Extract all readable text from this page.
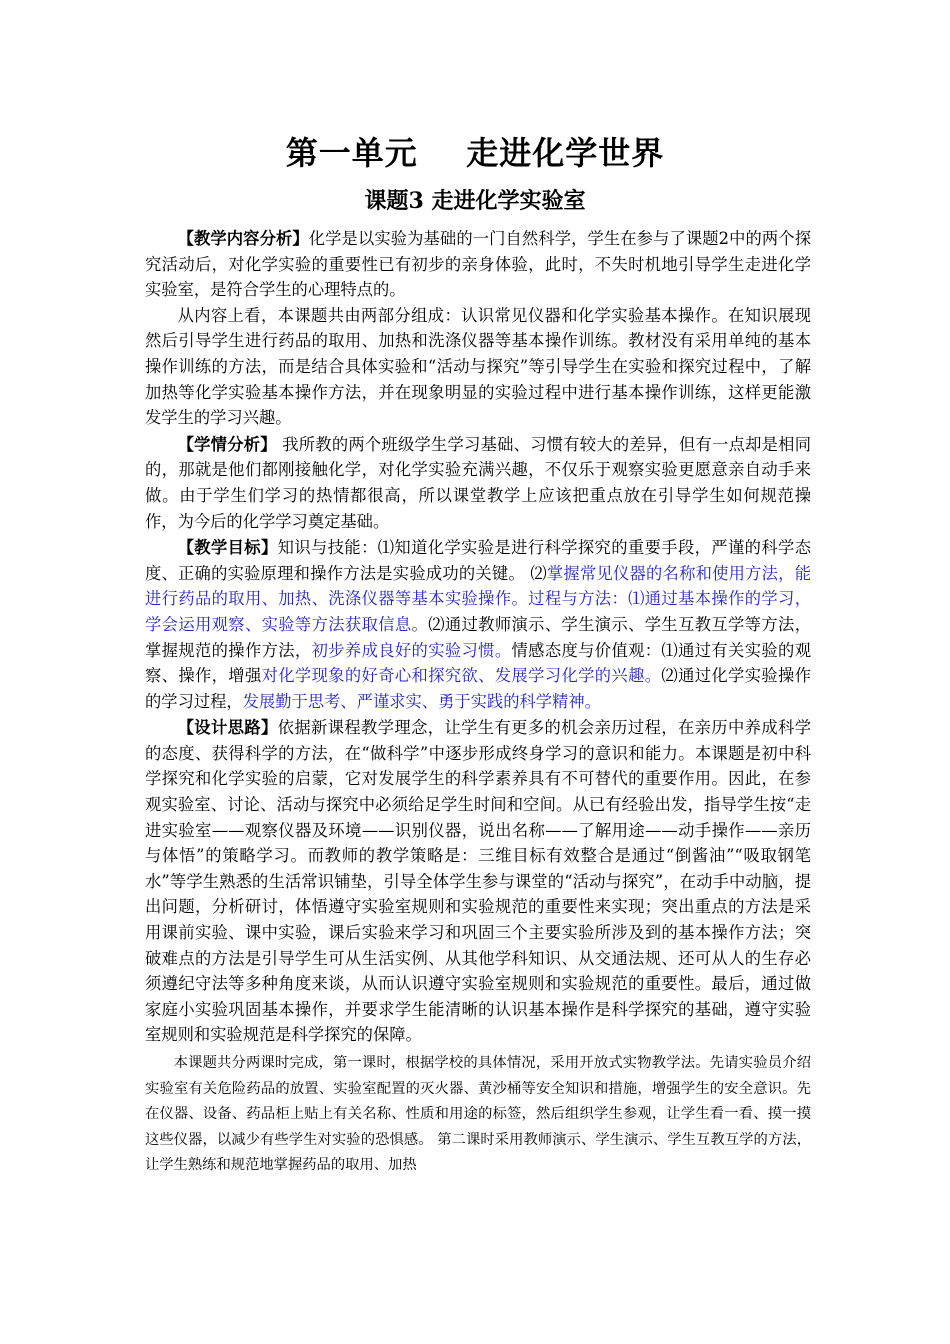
第一单元    走进化学世界
课题3 走进化学实验室

【教学内容分析】化学是以实验为基础的一门自然科学，学生在参与了课题2中的两个探究活动后，对化学实验的重要性已有初步的亲身体验，此时，不失时机地引导学生走进化学实验室，是符合学生的心理特点的。

从内容上看，本课题共由两部分组成：认识常见仪器和化学实验基本操作。在知识展现然后引导学生进行药品的取用、加热和洗涤仪器等基本操作训练。教材没有采用单纯的基本操作训练的方法，而是结合具体实验和“活动与探究”等引导学生在实验和探究过程中，了解加热等化学实验基本操作方法，并在现象明显的实验过程中进行基本操作训练，这样更能激发学生的学习兴趣。

【学情分析】 我所教的两个班级学生学习基础、习惯有较大的差异，但有一点却是相同的，那就是他们都刚接触化学，对化学实验充满兴趣，不仅乐于观察实验更愿意亲自动手来做。由于学生们学习的热情都很高，所以课堂教学上应该把重点放在引导学生如何规范操作，为今后的化学学习奠定基础。

【教学目标】知识与技能：⑴知道化学实验是进行科学探究的重要手段，严谨的科学态度、正确的实验原理和操作方法是实验成功的关键。 ⑵掌握常见仪器的名称和使用方法，能进行药品的取用、加热、洗涤仪器等基本实验操作。过程与方法：⑴通过基本操作的学习，学会运用观察、实验等方法获取信息。⑵通过教师演示、学生演示、学生互教互学等方法，掌握规范的操作方法，初步养成良好的实验习惯。情感态度与价值观：⑴通过有关实验的观察、操作，增强对化学现象的好奇心和探究欲、发展学习化学的兴趣。⑵通过化学实验操作的学习过程，发展勤于思考、严谨求实、勇于实践的科学精神。

【设计思路】依据新课程教学理念，让学生有更多的机会亲历过程，在亲历中养成科学的态度、获得科学的方法，在“做科学”中逐步形成终身学习的意识和能力。本课题是初中科学探究和化学实验的启蒙，它对发展学生的科学素养具有不可替代的重要作用。因此，在参观实验室、讨论、活动与探究中必须给足学生时间和空间。从已有经验出发，指导学生按“走进实验室——观察仪器及环境——识别仪器，说出名称——了解用途——动手操作——亲历与体悟”的策略学习。而教师的教学策略是：三维目标有效整合是通过“倒酱油”“吸取钢笔水”等学生熟悉的生活常识铺垫，引导全体学生参与课堂的“活动与探究”，在动手中动脑，提出问题，分析研讨，体悟遵守实验室规则和实验规范的重要性来实现；突出重点的方法是采用课前实验、课中实验，课后实验来学习和巩固三个主要实验所涉及到的基本操作方法；突破难点的方法是引导学生可从生活实例、从其他学科知识、从交通法规、还可从人的生存必须遵纪守法等多种角度来谈，从而认识遵守实验室规则和实验规范的重要性。最后，通过做家庭小实验巩固基本操作，并要求学生能清晰的认识基本操作是科学探究的基础，遵守实验室规则和实验规范是科学探究的保障。

本课题共分两课时完成，第一课时，根据学校的具体情况，采用开放式实物教学法。先请实验员介绍实验室有关危险药品的放置、实验室配置的灭火器、黄沙桶等安全知识和措施，增强学生的安全意识。先在仪器、设备、药品柜上贴上有关名称、性质和用途的标签，然后组织学生参观，让学生看一看、摸一摸这些仪器，以减少有些学生对实验的恐惧感。 第二课时采用教师演示、学生演示、学生互教互学的方法，让学生熟练和规范地掌握药品的取用、加热
